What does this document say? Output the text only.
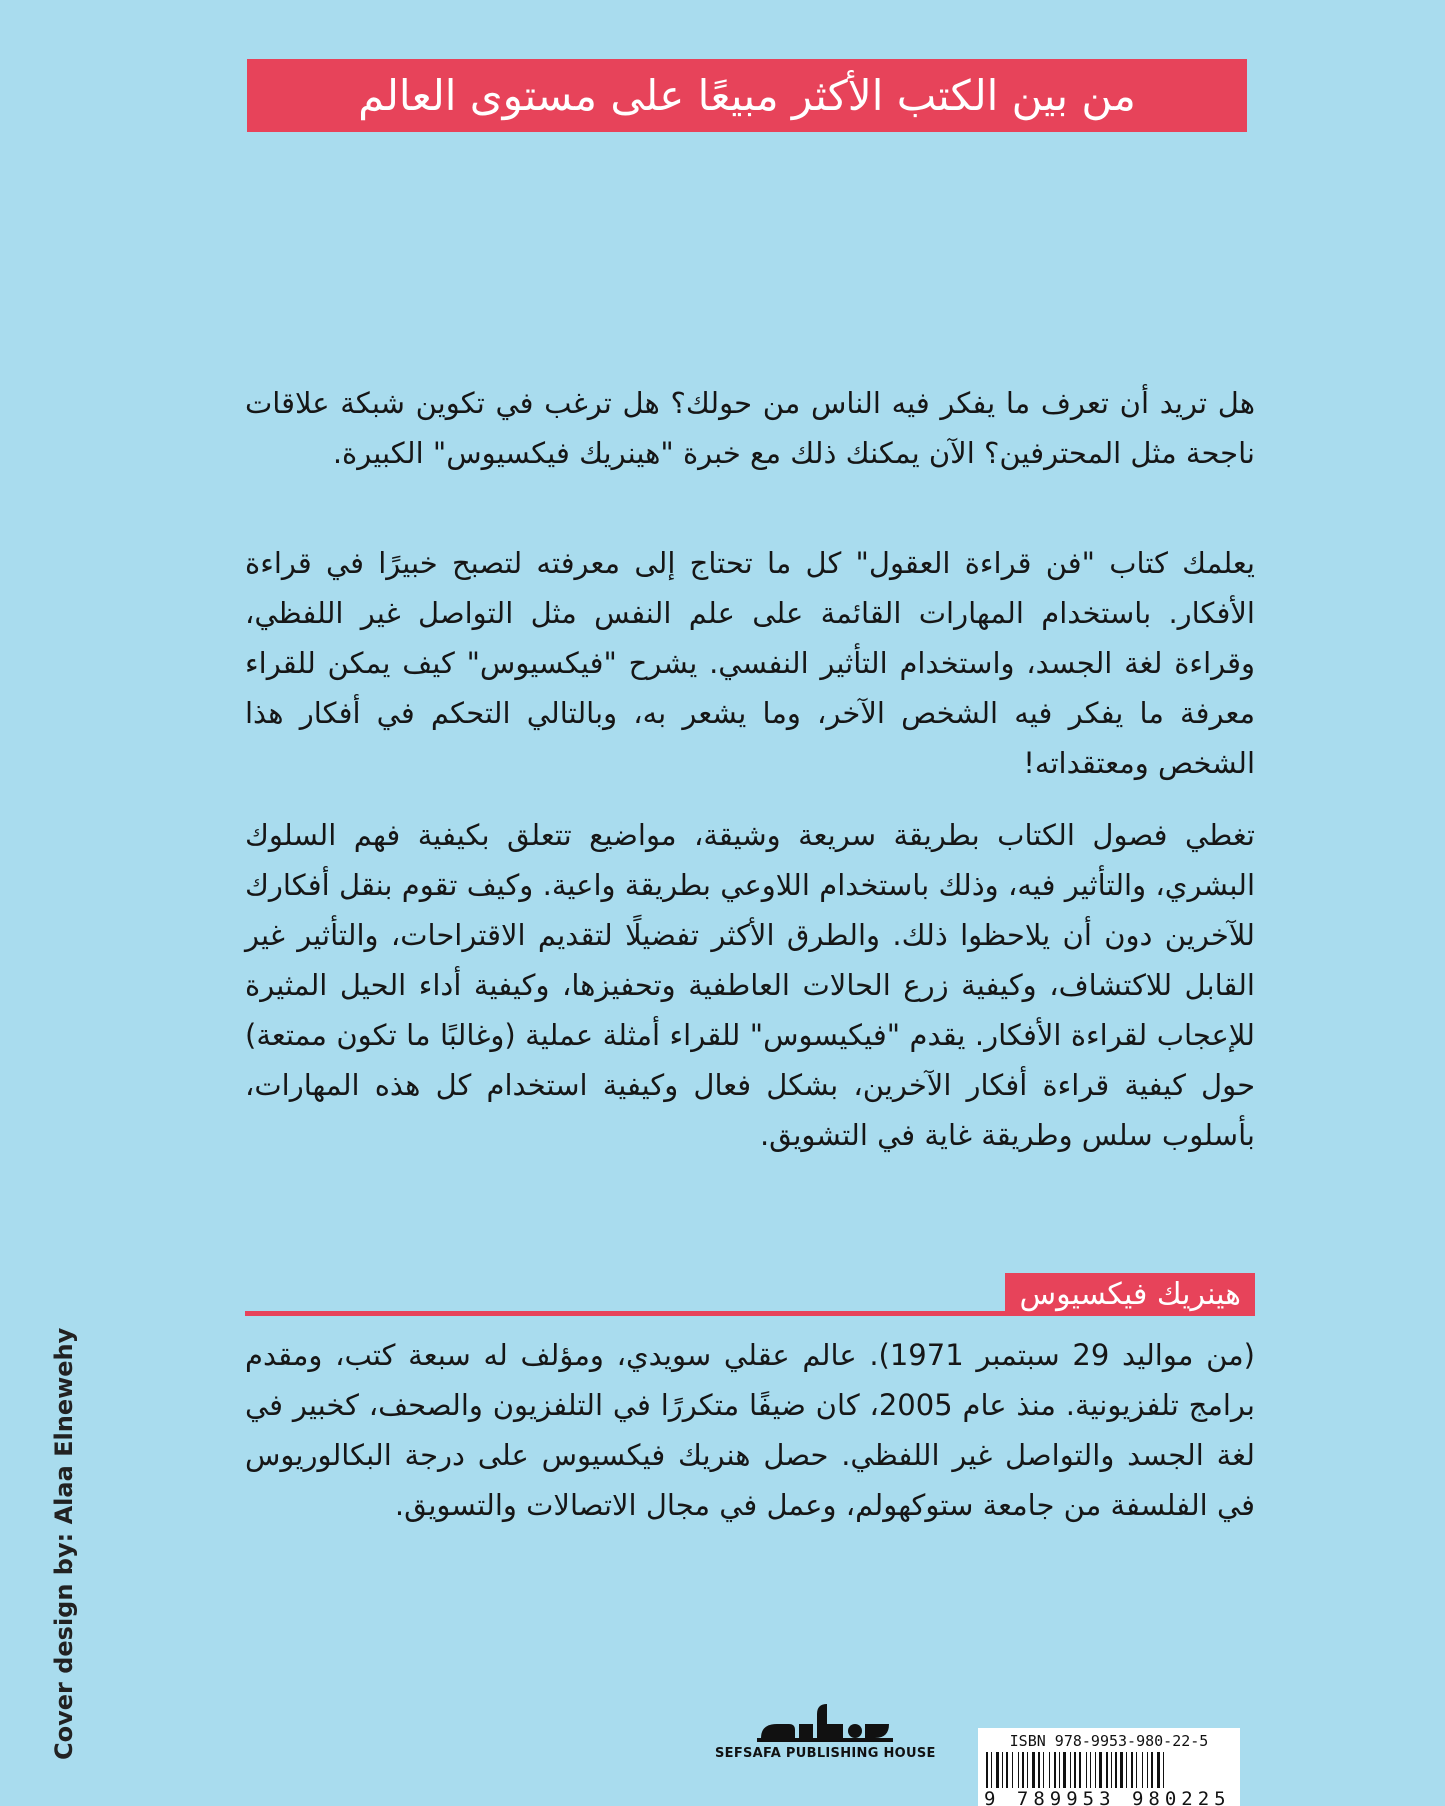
من بين الكتب الأكثر مبيعًا على مستوى العالم

هل تريد أن تعرف ما يفكر فيه الناس من حولك؟ هل ترغب في تكوين شبكة علاقات ناجحة مثل المحترفين؟ الآن يمكنك ذلك مع خبرة "هينريك فيكسيوس" الكبيرة.

يعلمك كتاب "فن قراءة العقول" كل ما تحتاج إلى معرفته لتصبح خبيرًا في قراءة الأفكار. باستخدام المهارات القائمة على علم النفس مثل التواصل غير اللفظي، وقراءة لغة الجسد، واستخدام التأثير النفسي. يشرح "فيكسيوس" كيف يمكن للقراء معرفة ما يفكر فيه الشخص الآخر، وما يشعر به، وبالتالي التحكم في أفكار هذا الشخص ومعتقداته!

تغطي فصول الكتاب بطريقة سريعة وشيقة، مواضيع تتعلق بكيفية فهم السلوك البشري، والتأثير فيه، وذلك باستخدام اللاوعي بطريقة واعية. وكيف تقوم بنقل أفكارك للآخرين دون أن يلاحظوا ذلك. والطرق الأكثر تفضيلًا لتقديم الاقتراحات، والتأثير غير القابل للاكتشاف، وكيفية زرع الحالات العاطفية وتحفيزها، وكيفية أداء الحيل المثيرة للإعجاب لقراءة الأفكار. يقدم "فيكيسوس" للقراء أمثلة عملية (وغالبًا ما تكون ممتعة) حول كيفية قراءة أفكار الآخرين، بشكل فعال وكيفية استخدام كل هذه المهارات، بأسلوب سلس وطريقة غاية في التشويق.

هينريك فيكسيوس

(من مواليد 29 سبتمبر 1971). عالم عقلي سويدي، ومؤلف له سبعة كتب، ومقدم برامج تلفزيونية. منذ عام 2005، كان ضيفًا متكررًا في التلفزيون والصحف، كخبير في لغة الجسد والتواصل غير اللفظي. حصل هنريك فيكسيوس على درجة البكالوريوس في الفلسفة من جامعة ستوكهولم، وعمل في مجال الاتصالات والتسويق.

Cover design by: Alaa Elnewehy	SEFSAFA PUBLISHING HOUSE
ISBN 978-9953-980-22-5
9 789953 980225
